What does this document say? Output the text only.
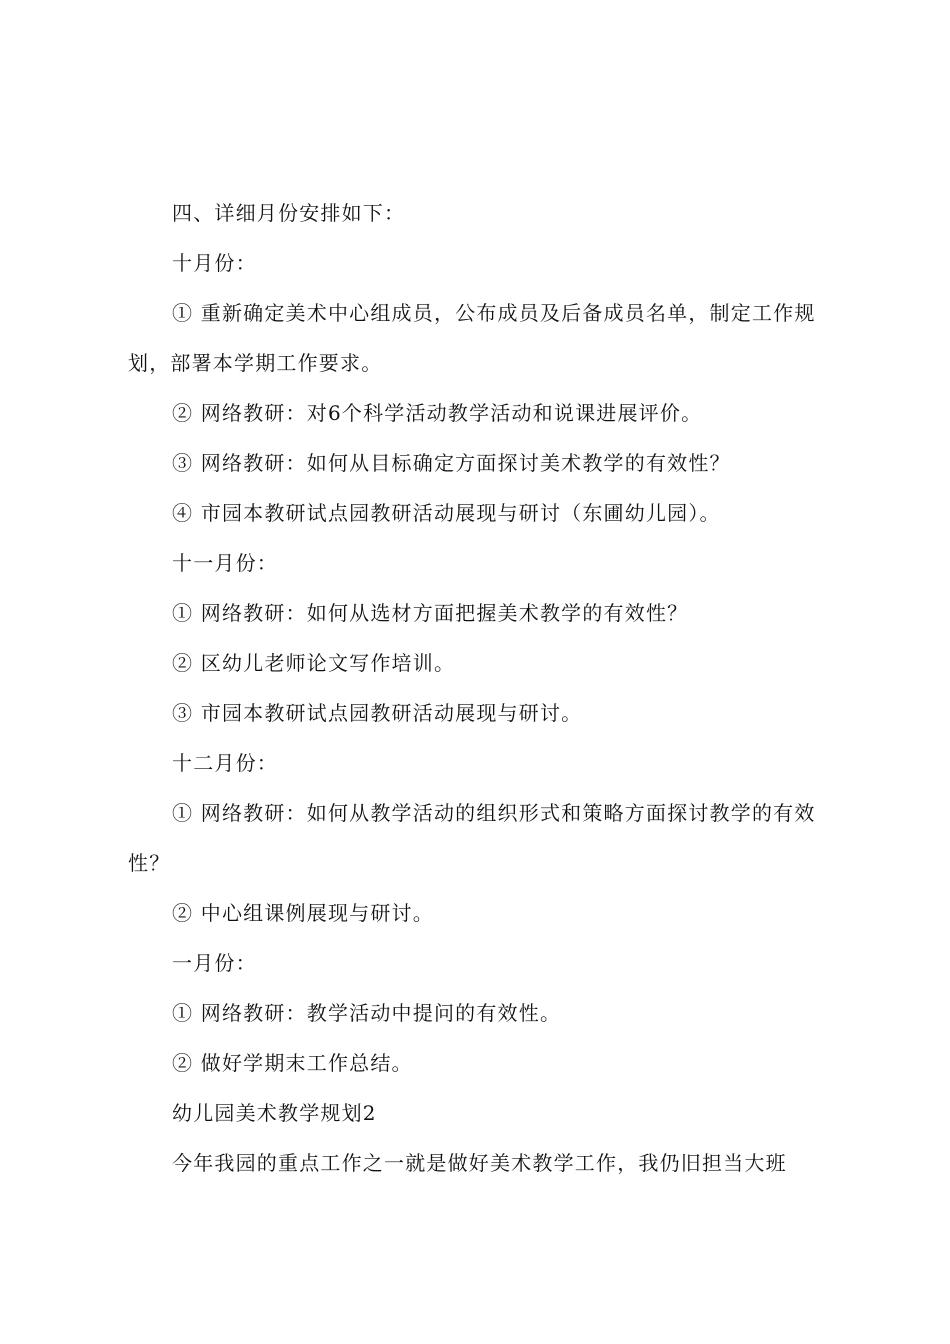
四、详细月份安排如下：

十月份：

① 重新确定美术中心组成员，公布成员及后备成员名单，制定工作规划，部署本学期工作要求。

② 网络教研：对6个科学活动教学活动和说课进展评价。

③ 网络教研：如何从目标确定方面探讨美术教学的有效性？

④ 市园本教研试点园教研活动展现与研讨（东圃幼儿园）。

十一月份：

① 网络教研：如何从选材方面把握美术教学的有效性？

② 区幼儿老师论文写作培训。

③ 市园本教研试点园教研活动展现与研讨。

十二月份：

① 网络教研：如何从教学活动的组织形式和策略方面探讨教学的有效性？

② 中心组课例展现与研讨。

一月份：

① 网络教研：教学活动中提问的有效性。

② 做好学期末工作总结。

幼儿园美术教学规划2

今年我园的重点工作之一就是做好美术教学工作，我仍旧担当大班
